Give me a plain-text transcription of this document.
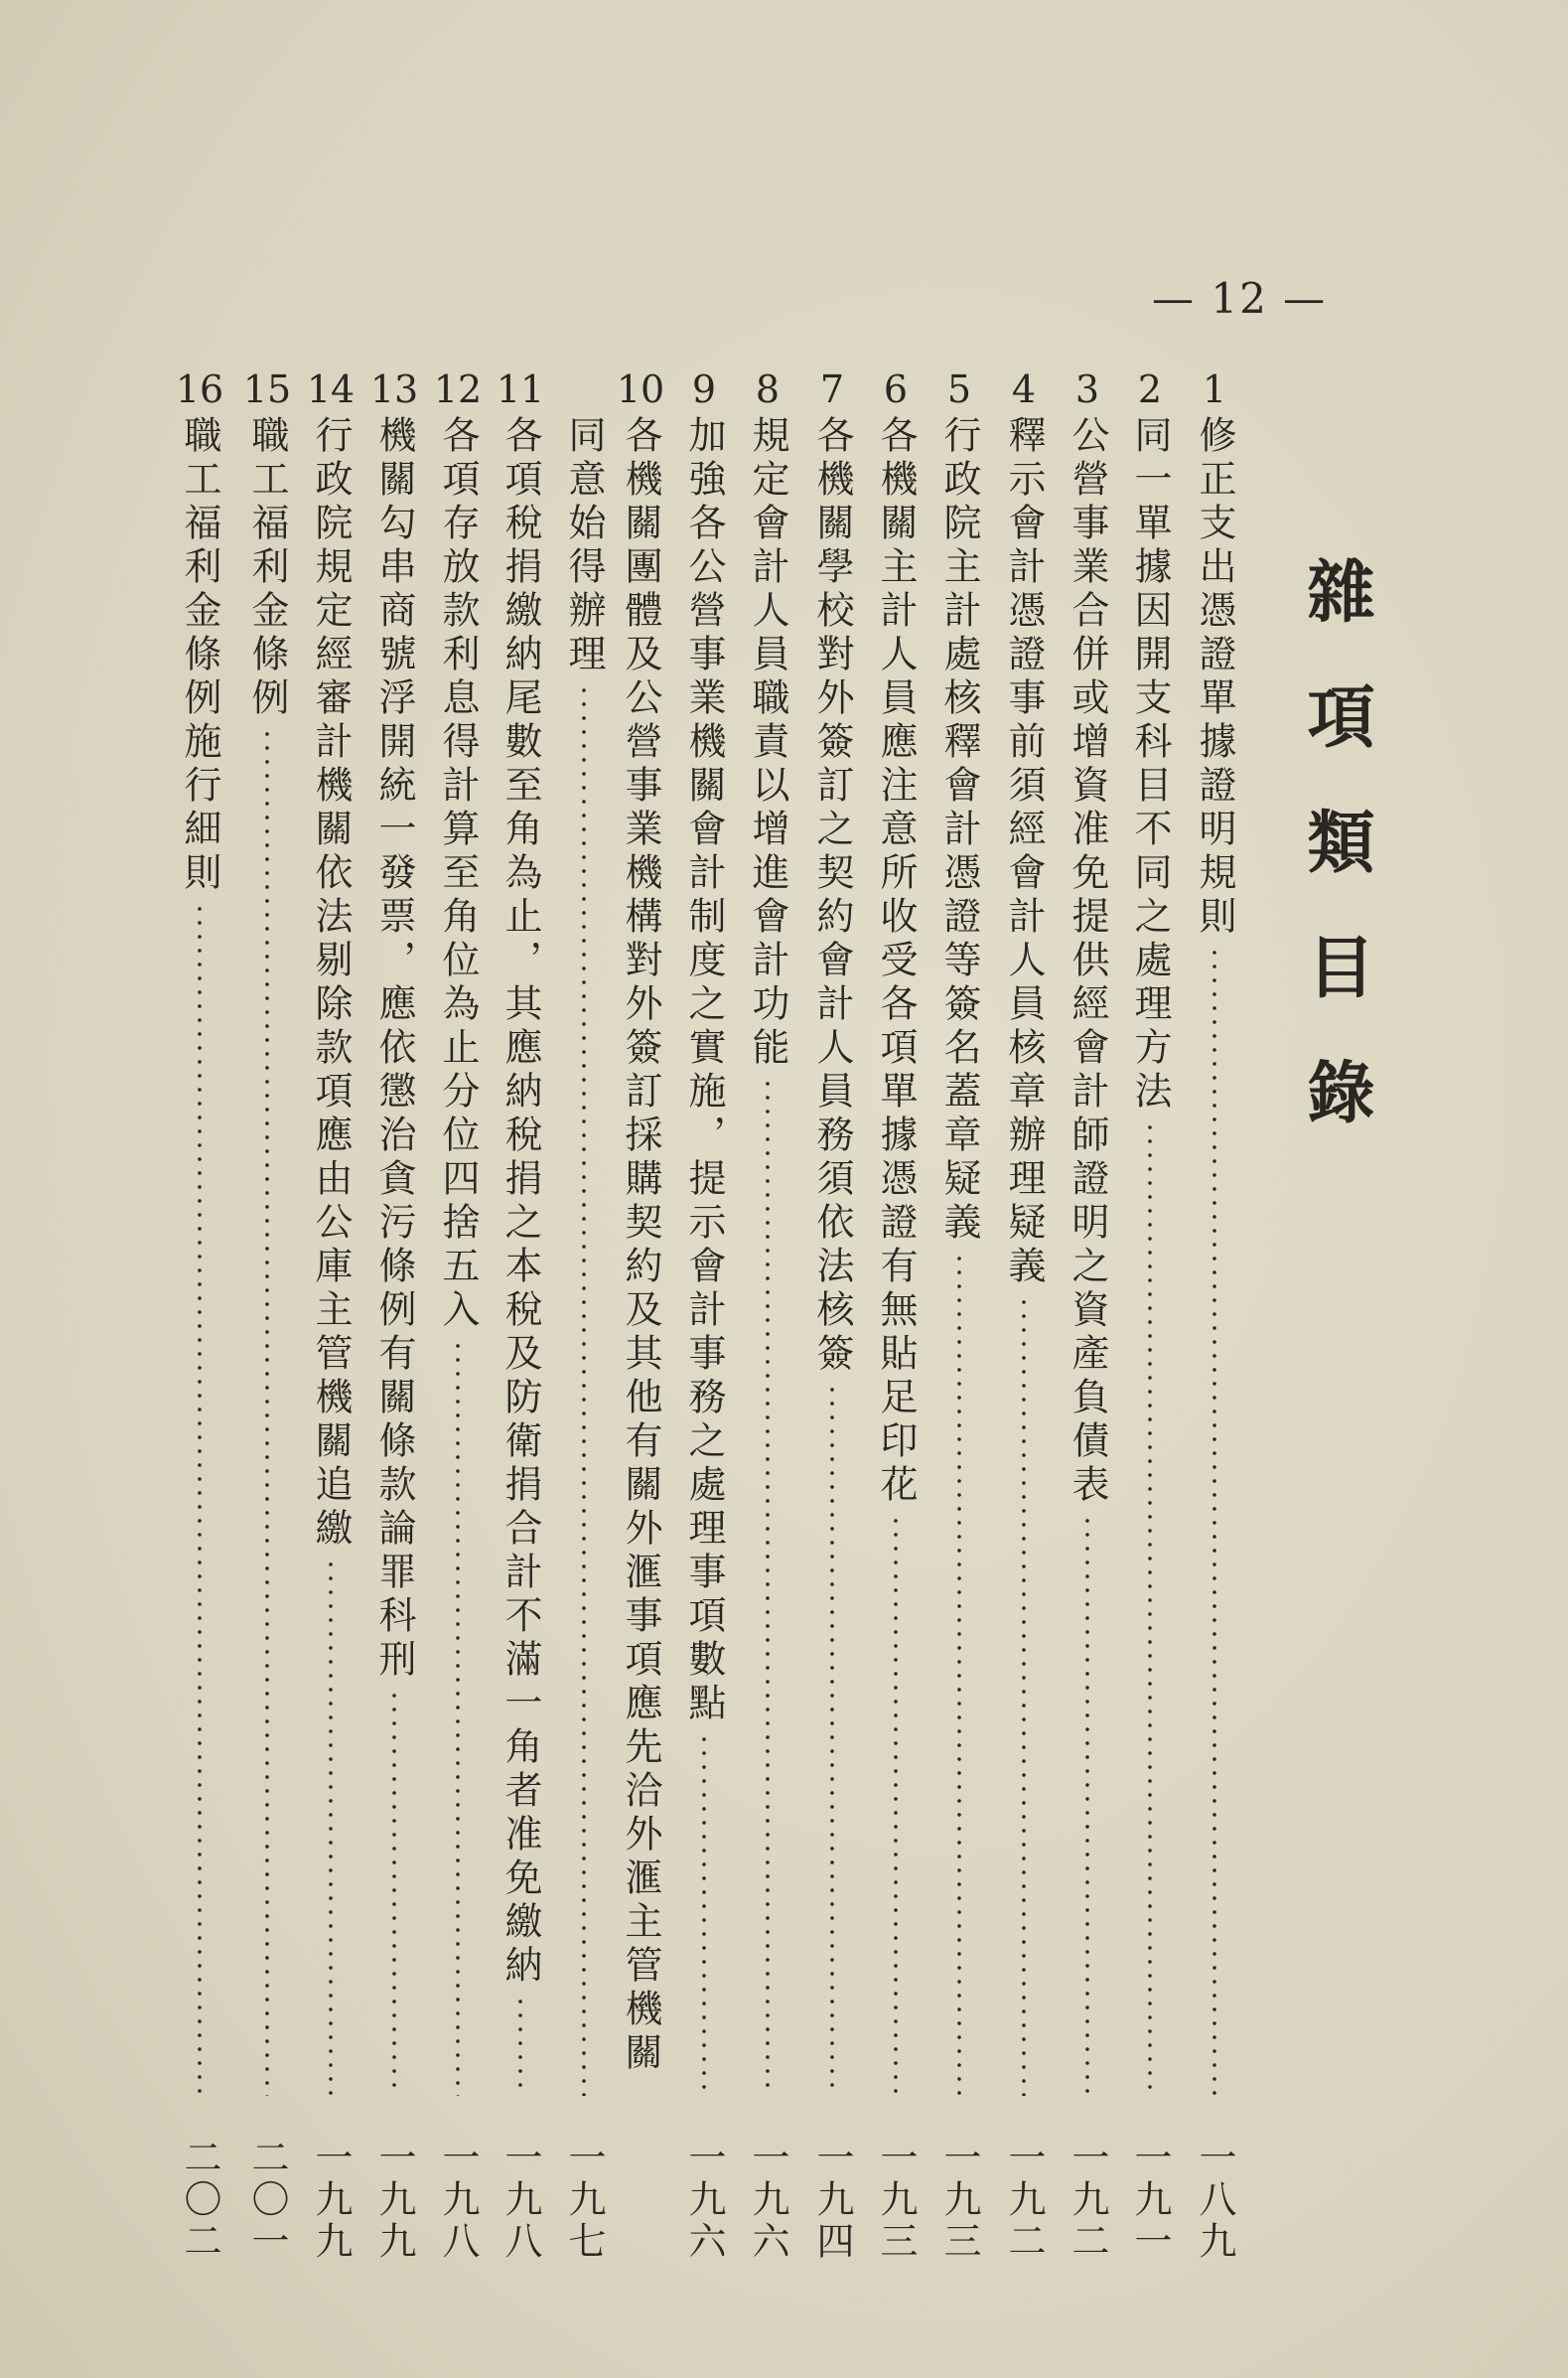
— 12 —
雜項類目錄
1
修正支出憑證單據證明規則
一八九
2
同一單據因開支科目不同之處理方法
一九一
3
公營事業合併或增資准免提供經會計師證明之資產負債表
一九二
4
釋示會計憑證事前須經會計人員核章辦理疑義
一九二
5
行政院主計處核釋會計憑證等簽名蓋章疑義
一九三
6
各機關主計人員應注意所收受各項單據憑證有無貼足印花
一九三
7
各機關學校對外簽訂之契約會計人員務須依法核簽
一九四
8
規定會計人員職責以增進會計功能
一九六
9
加強各公營事業機關會計制度之實施，提示會計事務之處理事項數點
一九六
10
各機關團體及公營事業機構對外簽訂採購契約及其他有關外滙事項應先洽外滙主管機關
同意始得辦理
一九七
11
各項稅捐繳納尾數至角為止，其應納稅捐之本稅及防衛捐合計不滿一角者准免繳納
一九八
12
各項存放款利息得計算至角位為止分位四捨五入
一九八
13
機關勾串商號浮開統一發票，應依懲治貪污條例有關條款論罪科刑
一九九
14
行政院規定經審計機關依法剔除款項應由公庫主管機關追繳
一九九
15
職工福利金條例
二〇一
16
職工福利金條例施行細則
二〇二
